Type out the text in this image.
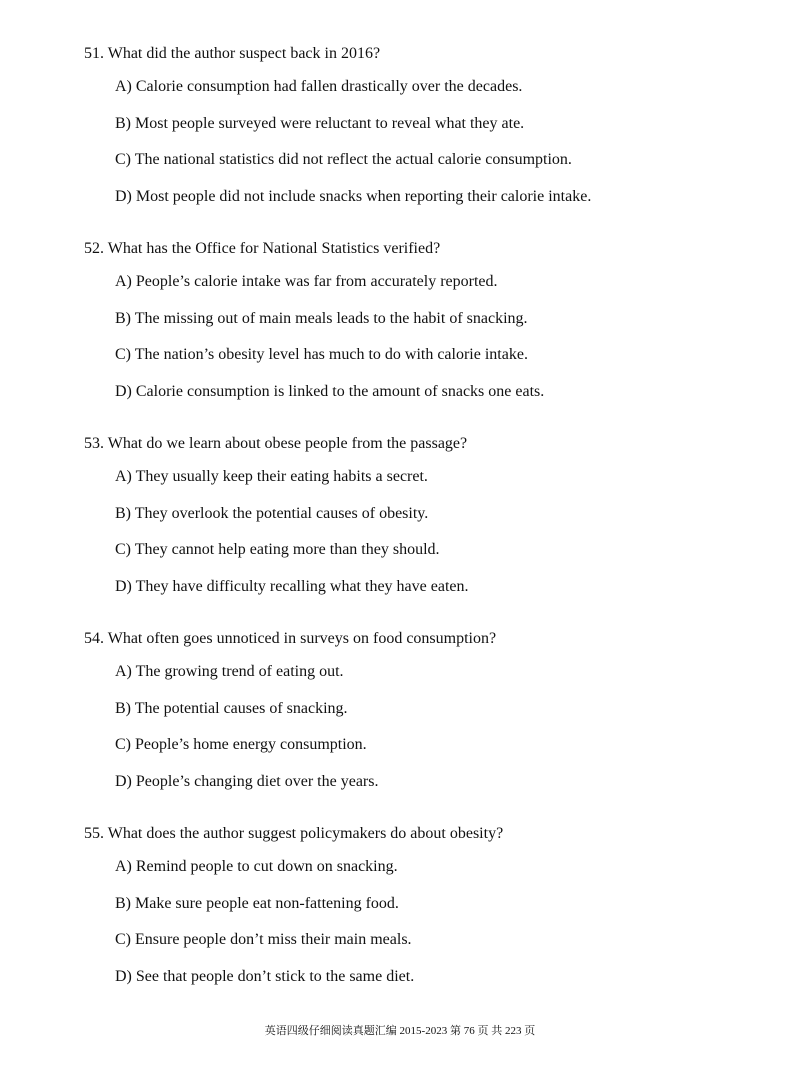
51. What did the author suspect back in 2016?
A) Calorie consumption had fallen drastically over the decades.
B) Most people surveyed were reluctant to reveal what they ate.
C) The national statistics did not reflect the actual calorie consumption.
D) Most people did not include snacks when reporting their calorie intake.
52. What has the Office for National Statistics verified?
A) People’s calorie intake was far from accurately reported.
B) The missing out of main meals leads to the habit of snacking.
C) The nation’s obesity level has much to do with calorie intake.
D) Calorie consumption is linked to the amount of snacks one eats.
53. What do we learn about obese people from the passage?
A) They usually keep their eating habits a secret.
B) They overlook the potential causes of obesity.
C) They cannot help eating more than they should.
D) They have difficulty recalling what they have eaten.
54. What often goes unnoticed in surveys on food consumption?
A) The growing trend of eating out.
B) The potential causes of snacking.
C) People’s home energy consumption.
D) People’s changing diet over the years.
55. What does the author suggest policymakers do about obesity?
A) Remind people to cut down on snacking.
B) Make sure people eat non-fattening food.
C) Ensure people don’t miss their main meals.
D) See that people don’t stick to the same diet.
英语四级仔细阅读真题汇编 2015-2023 第 76 页 共 223 页
